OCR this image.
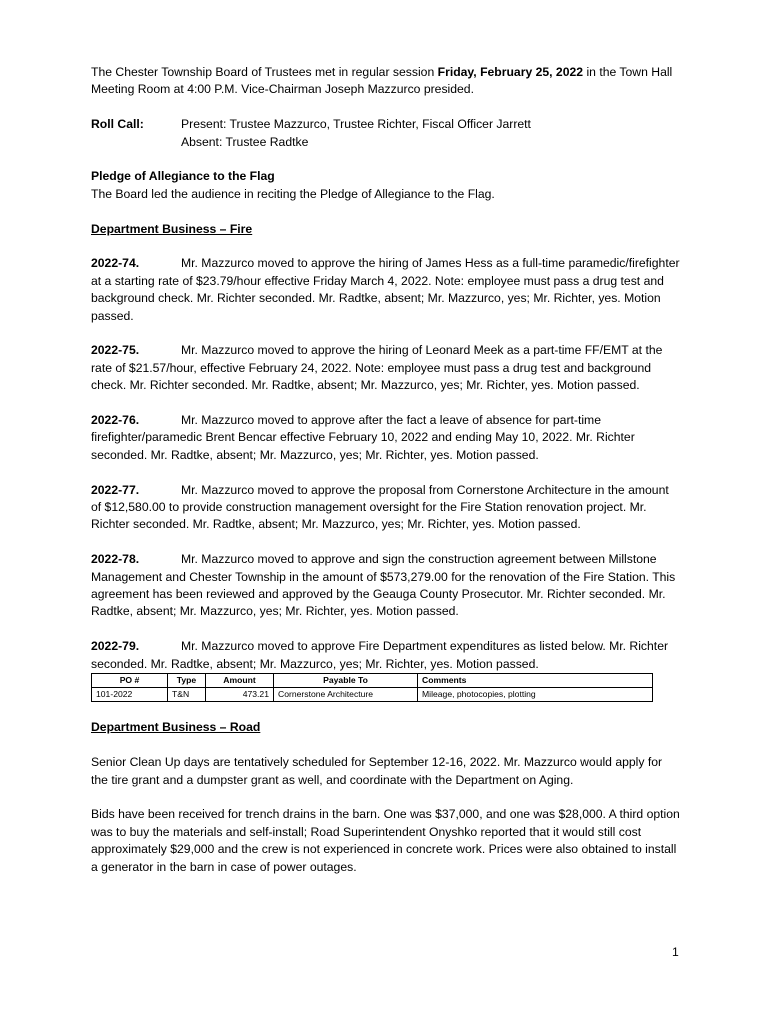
The Chester Township Board of Trustees met in regular session Friday, February 25, 2022 in the Town Hall Meeting Room at 4:00 P.M. Vice-Chairman Joseph Mazzurco presided.

Roll Call:	Present: Trustee Mazzurco, Trustee Richter, Fiscal Officer Jarrett

Absent: Trustee Radtke

Pledge of Allegiance to the Flag

The Board led the audience in reciting the Pledge of Allegiance to the Flag.

Department Business – Fire

2022-74.	Mr. Mazzurco moved to approve the hiring of James Hess as a full-time paramedic/firefighter at a starting rate of $23.79/hour effective Friday March 4, 2022. Note: employee must pass a drug test and background check. Mr. Richter seconded. Mr. Radtke, absent; Mr. Mazzurco, yes; Mr. Richter, yes. Motion passed.

2022-75.	Mr. Mazzurco moved to approve the hiring of Leonard Meek as a part-time FF/EMT at the rate of $21.57/hour, effective February 24, 2022. Note: employee must pass a drug test and background check. Mr. Richter seconded. Mr. Radtke, absent; Mr. Mazzurco, yes; Mr. Richter, yes. Motion passed.

2022-76.	Mr. Mazzurco moved to approve after the fact a leave of absence for part-time firefighter/paramedic Brent Bencar effective February 10, 2022 and ending May 10, 2022. Mr. Richter seconded. Mr. Radtke, absent; Mr. Mazzurco, yes; Mr. Richter, yes. Motion passed.

2022-77.	Mr. Mazzurco moved to approve the proposal from Cornerstone Architecture in the amount of $12,580.00 to provide construction management oversight for the Fire Station renovation project. Mr. Richter seconded. Mr. Radtke, absent; Mr. Mazzurco, yes; Mr. Richter, yes. Motion passed.

2022-78.	Mr. Mazzurco moved to approve and sign the construction agreement between Millstone Management and Chester Township in the amount of $573,279.00 for the renovation of the Fire Station. This agreement has been reviewed and approved by the Geauga County Prosecutor. Mr. Richter seconded. Mr. Radtke, absent; Mr. Mazzurco, yes; Mr. Richter, yes. Motion passed.

2022-79.	Mr. Mazzurco moved to approve Fire Department expenditures as listed below. Mr. Richter seconded. Mr. Radtke, absent; Mr. Mazzurco, yes; Mr. Richter, yes. Motion passed.

PO #	Type	Amount	Payable To	Comments
101-2022	T&N	473.21	Cornerstone Architecture	Mileage, photocopies, plotting

Department Business – Road

Senior Clean Up days are tentatively scheduled for September 12-16, 2022. Mr. Mazzurco would apply for the tire grant and a dumpster grant as well, and coordinate with the Department on Aging.

Bids have been received for trench drains in the barn. One was $37,000, and one was $28,000. A third option was to buy the materials and self-install; Road Superintendent Onyshko reported that it would still cost approximately $29,000 and the crew is not experienced in concrete work. Prices were also obtained to install a generator in the barn in case of power outages.

1
